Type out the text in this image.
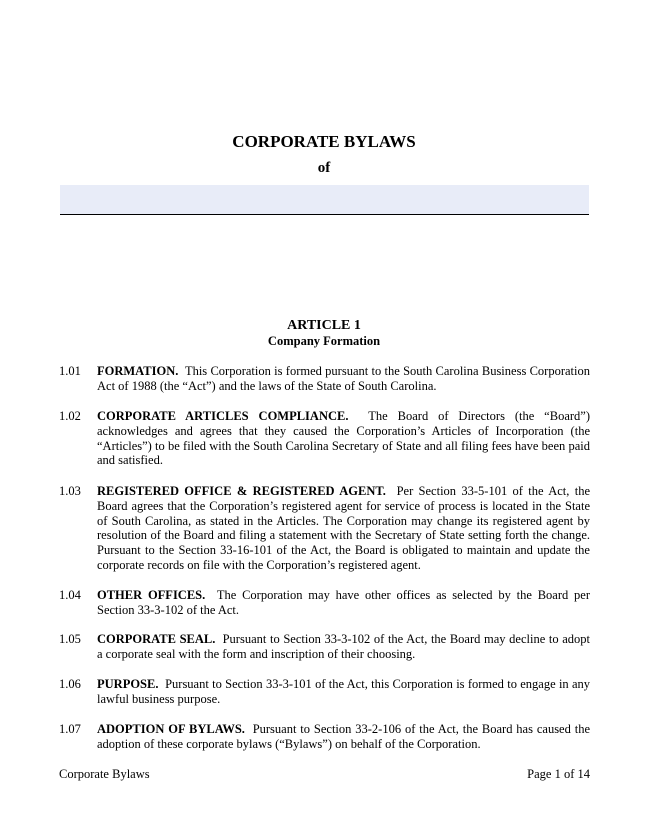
CORPORATE BYLAWS
of
ARTICLE 1
Company Formation
1.01 FORMATION. This Corporation is formed pursuant to the South Carolina Business Corporation Act of 1988 (the “Act”) and the laws of the State of South Carolina.
1.02 CORPORATE ARTICLES COMPLIANCE. The Board of Directors (the “Board”) acknowledges and agrees that they caused the Corporation’s Articles of Incorporation (the “Articles”) to be filed with the South Carolina Secretary of State and all filing fees have been paid and satisfied.
1.03 REGISTERED OFFICE & REGISTERED AGENT. Per Section 33-5-101 of the Act, the Board agrees that the Corporation’s registered agent for service of process is located in the State of South Carolina, as stated in the Articles. The Corporation may change its registered agent by resolution of the Board and filing a statement with the Secretary of State setting forth the change. Pursuant to the Section 33-16-101 of the Act, the Board is obligated to maintain and update the corporate records on file with the Corporation’s registered agent.
1.04 OTHER OFFICES. The Corporation may have other offices as selected by the Board per Section 33-3-102 of the Act.
1.05 CORPORATE SEAL. Pursuant to Section 33-3-102 of the Act, the Board may decline to adopt a corporate seal with the form and inscription of their choosing.
1.06 PURPOSE. Pursuant to Section 33-3-101 of the Act, this Corporation is formed to engage in any lawful business purpose.
1.07 ADOPTION OF BYLAWS. Pursuant to Section 33-2-106 of the Act, the Board has caused the adoption of these corporate bylaws (“Bylaws”) on behalf of the Corporation.
Corporate Bylaws	Page 1 of 14
